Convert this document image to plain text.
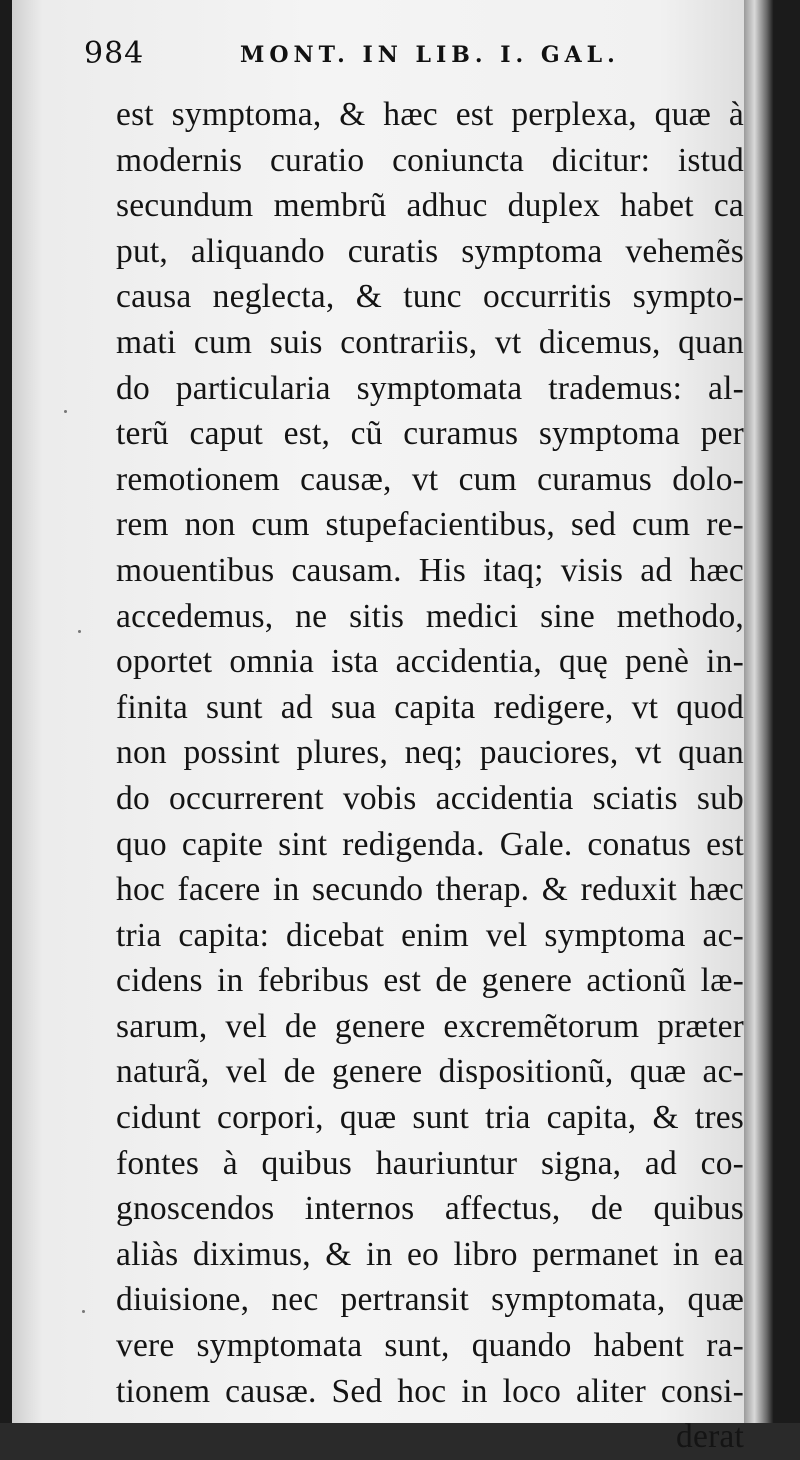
984	MONT. IN LIB. I. GAL.
est symptoma, & hæc est perplexa, quæ à
modernis curatio coniuncta dicitur: istud
secundum membrũ adhuc duplex habet ca
put, aliquando curatis symptoma vehemẽs
causa neglecta, & tunc occurritis sympto-
mati cum suis contrariis, vt dicemus, quan
do particularia symptomata trademus: al-
terũ caput est, cũ curamus symptoma per
remotionem causæ, vt cum curamus dolo-
rem non cum stupefacientibus, sed cum re-
mouentibus causam. His itaq; visis ad hæc
accedemus, ne sitis medici sine methodo,
oportet omnia ista accidentia, quę penè in-
finita sunt ad sua capita redigere, vt quod
non possint plures, neq; pauciores, vt quan
do occurrerent vobis accidentia sciatis sub
quo capite sint redigenda. Gale. conatus est
hoc facere in secundo therap. & reduxit hæc
tria capita: dicebat enim vel symptoma ac-
cidens in febribus est de genere actionũ læ-
sarum, vel de genere excremẽtorum præter
naturã, vel de genere dispositionũ, quæ ac-
cidunt corpori, quæ sunt tria capita, & tres
fontes à quibus hauriuntur signa, ad co-
gnoscendos internos affectus, de quibus
aliàs diximus, & in eo libro permanet in ea
diuisione, nec pertransit symptomata, quæ
vere symptomata sunt, quando habent ra-
tionem causæ. Sed hoc in loco aliter consi-
derat
